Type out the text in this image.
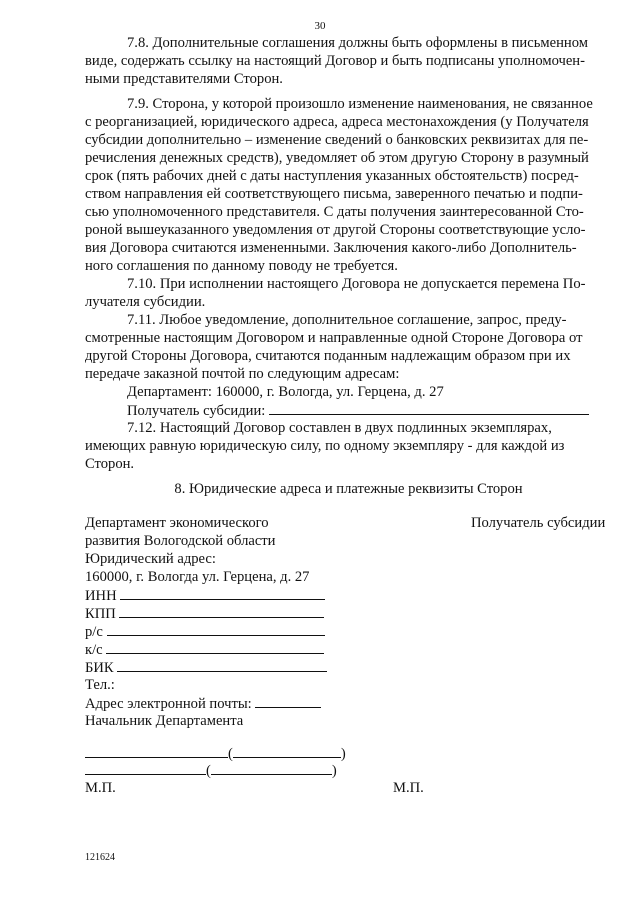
30
7.8. Дополнительные соглашения должны быть оформлены в письменном
виде, содержать ссылку на настоящий Договор и быть подписаны уполномочен-
ными представителями Сторон.
7.9. Сторона, у которой произошло изменение наименования, не связанное
с реорганизацией, юридического адреса, адреса местонахождения (у Получателя
субсидии дополнительно – изменение сведений о банковских реквизитах для пе-
речисления денежных средств), уведомляет об этом другую Сторону в разумный
срок (пять рабочих дней с даты наступления указанных обстоятельств) посред-
ством направления ей соответствующего письма, заверенного печатью и подпи-
сью уполномоченного представителя. С даты получения заинтересованной Сто-
роной вышеуказанного уведомления от другой Стороны соответствующие усло-
вия Договора считаются измененными. Заключения какого-либо Дополнитель-
ного соглашения по данному поводу не требуется.
7.10. При исполнении настоящего Договора не допускается перемена По-
лучателя субсидии.
7.11. Любое уведомление, дополнительное соглашение, запрос, преду-
смотренные настоящим Договором и направленные одной Стороне Договора от
другой Стороны Договора, считаются поданным надлежащим образом при их
передаче заказной почтой по следующим адресам:
Департамент: 160000, г. Вологда, ул. Герцена, д. 27
Получатель субсидии:
7.12. Настоящий Договор составлен в двух подлинных экземплярах,
имеющих равную юридическую силу, по одному экземпляру - для каждой из
Сторон.
8. Юридические адреса и платежные реквизиты Сторон
Департамент экономического
развития Вологодской области
Юридический адрес:
160000, г. Вологда ул. Герцена, д. 27
ИНН
КПП
р/с
к/с
БИК
Тел.:
Адрес электронной почты:
Начальник Департамента
(	)
(	)
М.П.
Получатель субсидии
М.П.
121624
